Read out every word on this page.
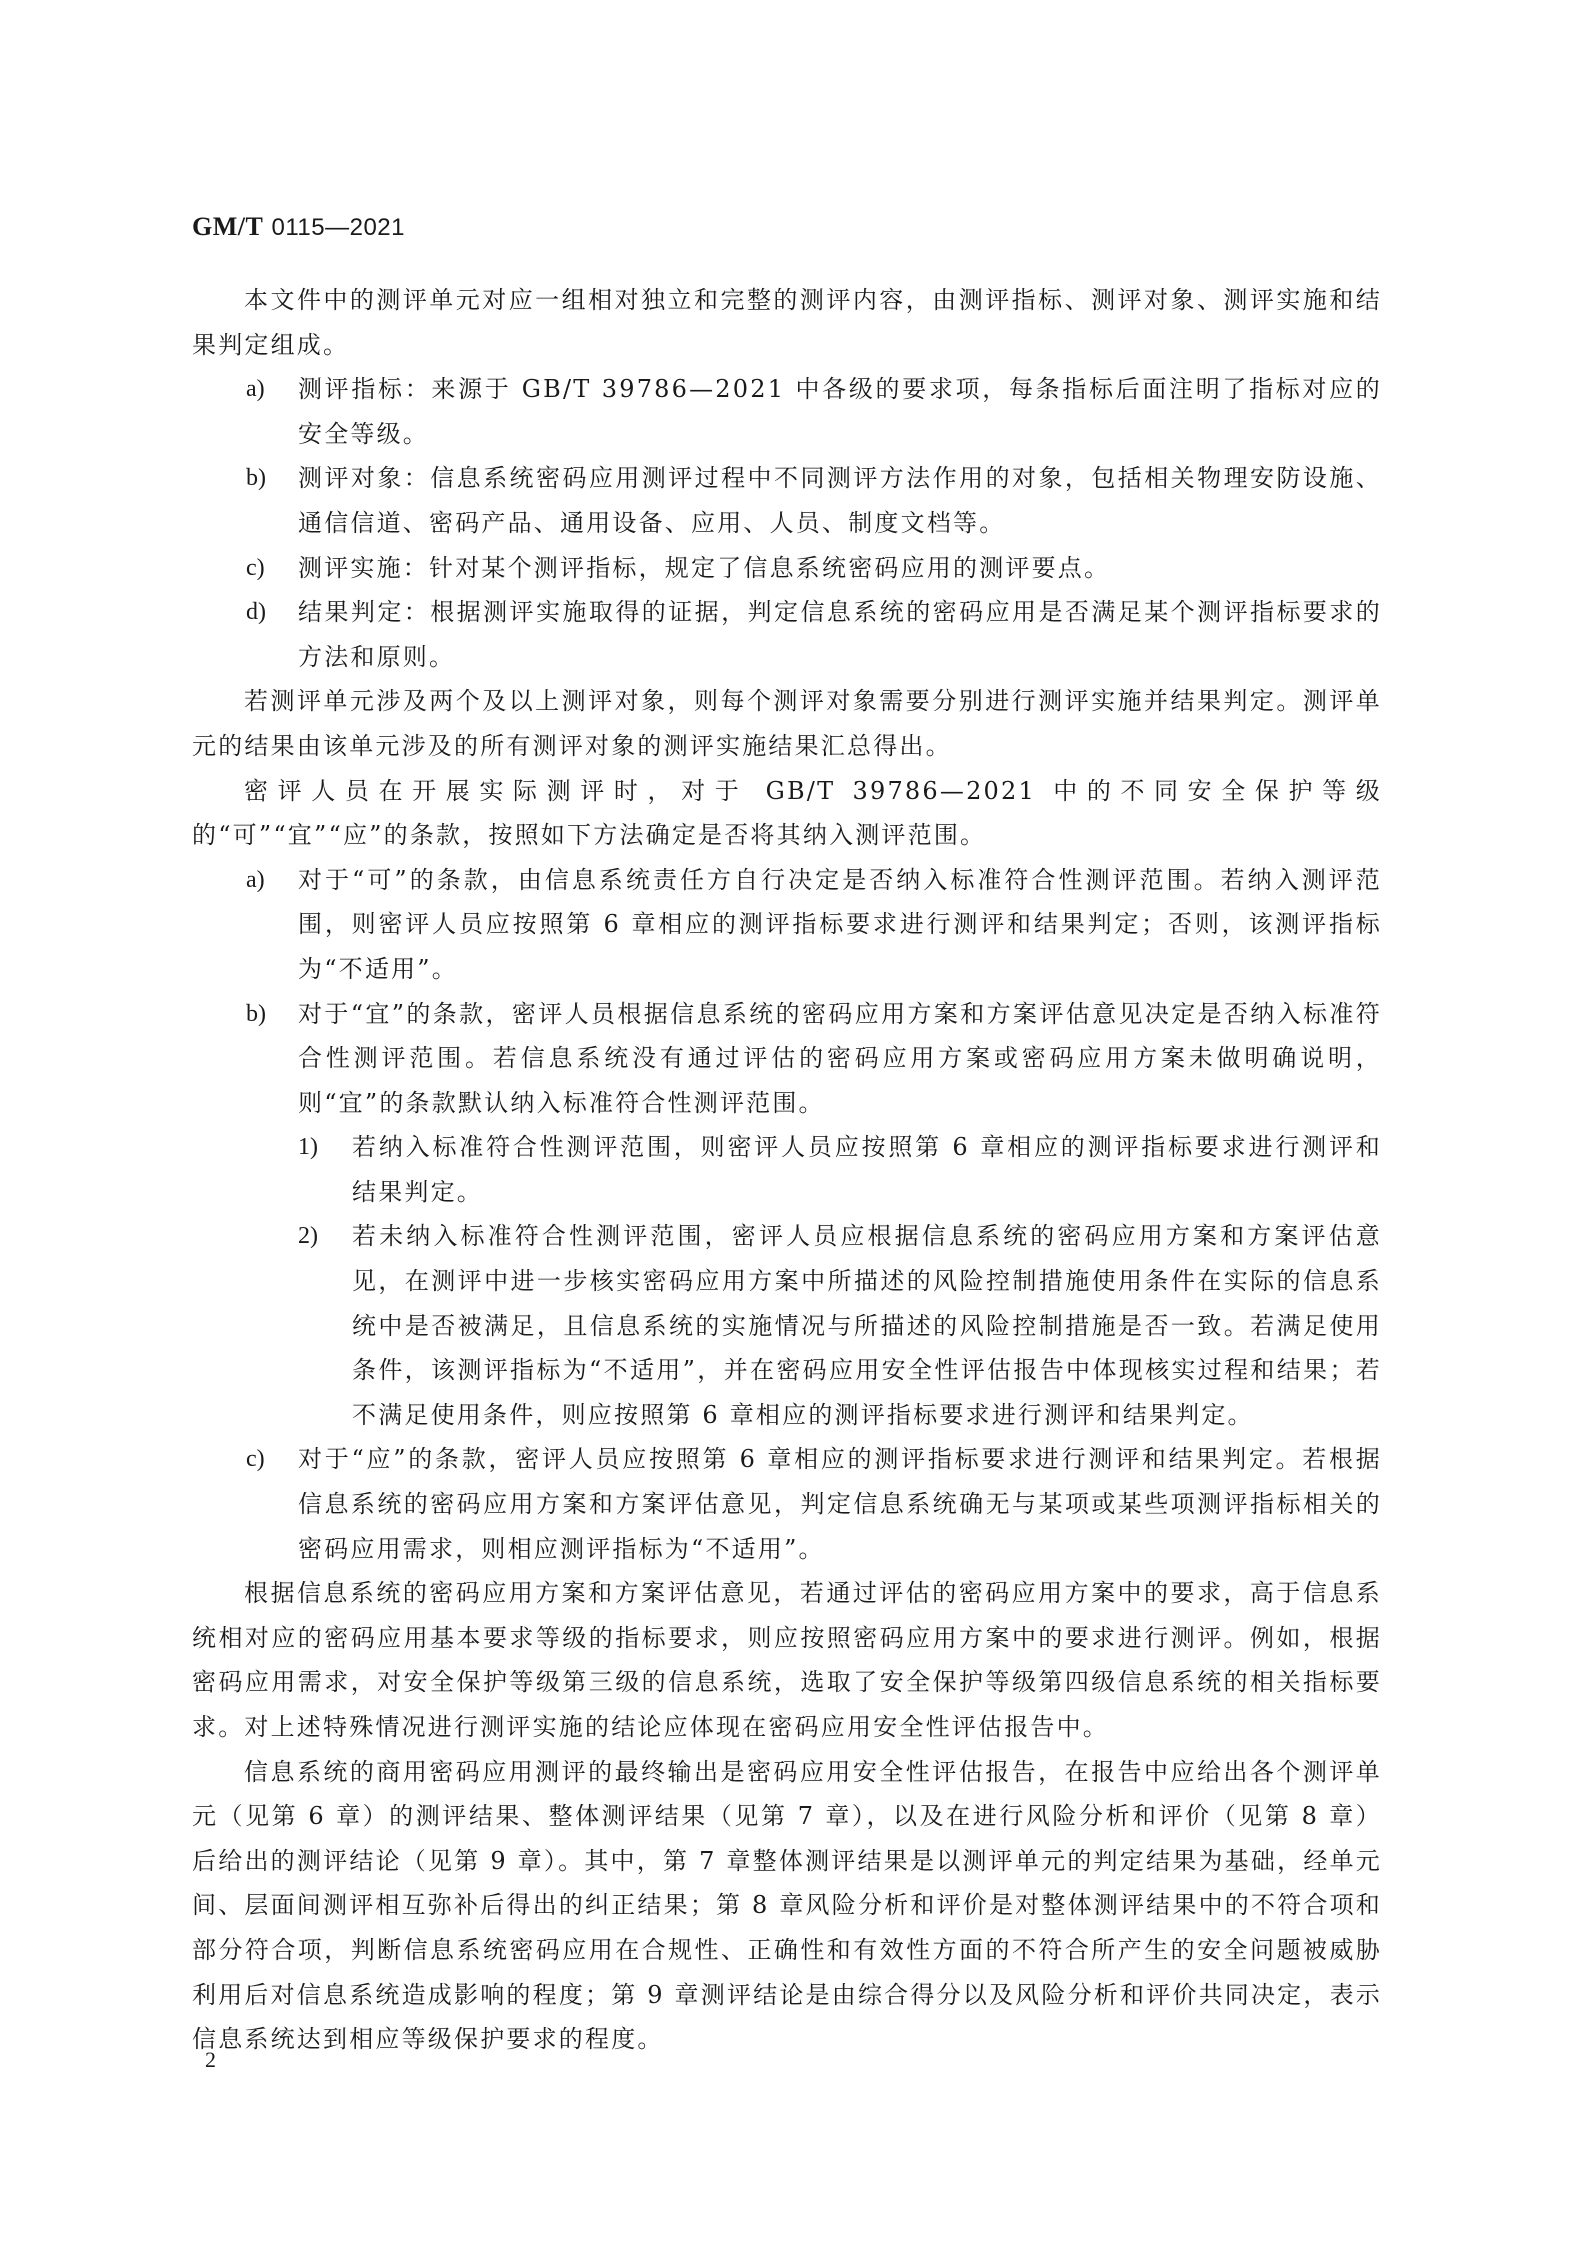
GM/T 0115—2021

本文件中的测评单元对应一组相对独立和完整的测评内容，由测评指标、测评对象、测评实施和结果判定组成。

a) 测评指标：来源于 GB/T 39786—2021 中各级的要求项，每条指标后面注明了指标对应的安全等级。
b) 测评对象：信息系统密码应用测评过程中不同测评方法作用的对象，包括相关物理安防设施、通信信道、密码产品、通用设备、应用、人员、制度文档等。
c) 测评实施：针对某个测评指标，规定了信息系统密码应用的测评要点。
d) 结果判定：根据测评实施取得的证据，判定信息系统的密码应用是否满足某个测评指标要求的方法和原则。

若测评单元涉及两个及以上测评对象，则每个测评对象需要分别进行测评实施并结果判定。测评单元的结果由该单元涉及的所有测评对象的测评实施结果汇总得出。

密评人员在开展实际测评时，对于 GB/T 39786—2021 中的不同安全保护等级的“可”“宜”“应”的条款，按照如下方法确定是否将其纳入测评范围。

a) 对于“可”的条款，由信息系统责任方自行决定是否纳入标准符合性测评范围。若纳入测评范围，则密评人员应按照第 6 章相应的测评指标要求进行测评和结果判定；否则，该测评指标为“不适用”。
b) 对于“宜”的条款，密评人员根据信息系统的密码应用方案和方案评估意见决定是否纳入标准符合性测评范围。若信息系统没有通过评估的密码应用方案或密码应用方案未做明确说明，则“宜”的条款默认纳入标准符合性测评范围。
1) 若纳入标准符合性测评范围，则密评人员应按照第 6 章相应的测评指标要求进行测评和结果判定。
2) 若未纳入标准符合性测评范围，密评人员应根据信息系统的密码应用方案和方案评估意见，在测评中进一步核实密码应用方案中所描述的风险控制措施使用条件在实际的信息系统中是否被满足，且信息系统的实施情况与所描述的风险控制措施是否一致。若满足使用条件，该测评指标为“不适用”，并在密码应用安全性评估报告中体现核实过程和结果；若不满足使用条件，则应按照第 6 章相应的测评指标要求进行测评和结果判定。
c) 对于“应”的条款，密评人员应按照第 6 章相应的测评指标要求进行测评和结果判定。若根据信息系统的密码应用方案和方案评估意见，判定信息系统确无与某项或某些项测评指标相关的密码应用需求，则相应测评指标为“不适用”。

根据信息系统的密码应用方案和方案评估意见，若通过评估的密码应用方案中的要求，高于信息系统相对应的密码应用基本要求等级的指标要求，则应按照密码应用方案中的要求进行测评。例如，根据密码应用需求，对安全保护等级第三级的信息系统，选取了安全保护等级第四级信息系统的相关指标要求。对上述特殊情况进行测评实施的结论应体现在密码应用安全性评估报告中。

信息系统的商用密码应用测评的最终输出是密码应用安全性评估报告，在报告中应给出各个测评单元（见第 6 章）的测评结果、整体测评结果（见第 7 章），以及在进行风险分析和评价（见第 8 章）后给出的测评结论（见第 9 章）。其中，第 7 章整体测评结果是以测评单元的判定结果为基础，经单元间、层面间测评相互弥补后得出的纠正结果；第 8 章风险分析和评价是对整体测评结果中的不符合项和部分符合项，判断信息系统密码应用在合规性、正确性和有效性方面的不符合所产生的安全问题被威胁利用后对信息系统造成影响的程度；第 9 章测评结论是由综合得分以及风险分析和评价共同决定，表示信息系统达到相应等级保护要求的程度。

2
